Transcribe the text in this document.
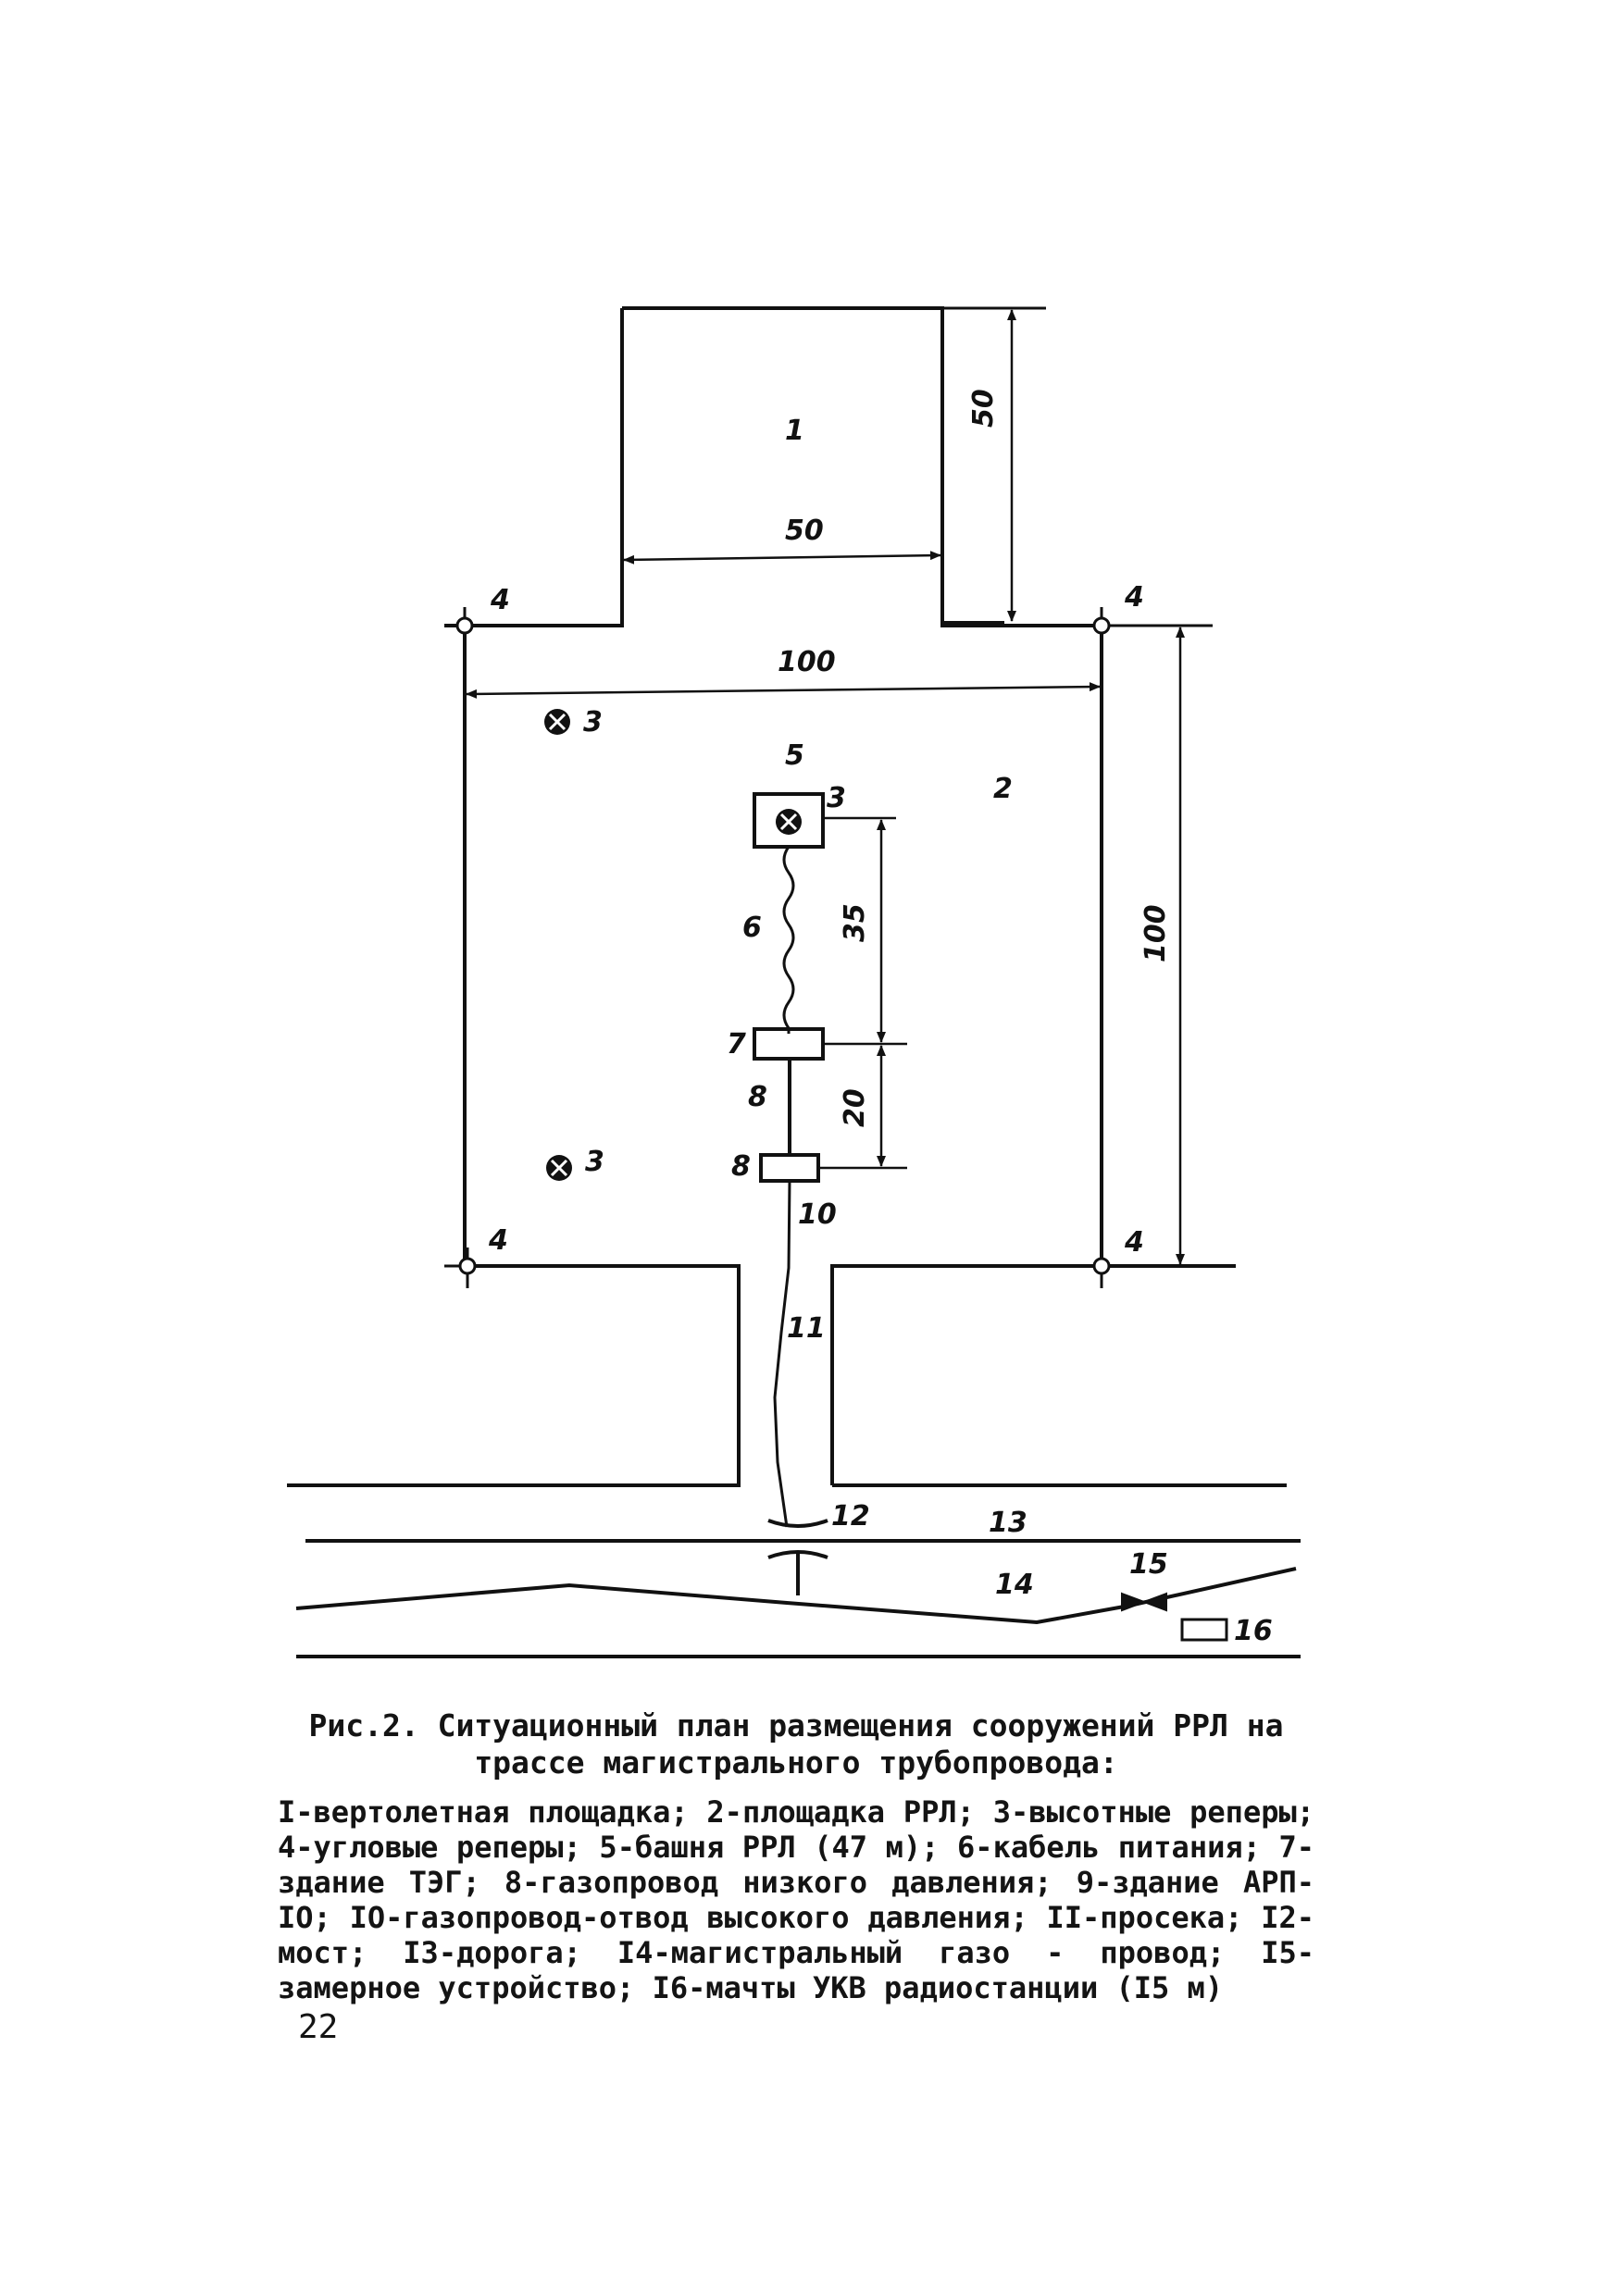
1
2
5
3
3
3
4	4
4	4
6
7
8
8
10
11
12	13
14
15
16
50
50
100
100
35
20
Рис.2. Ситуационный план размещения сооружений РРЛ на трассе магистрального трубопровода:
I-вертолетная площадка; 2-площадка РРЛ; 3-высотные реперы; 4-угловые реперы; 5-башня РРЛ (47 м); 6-кабель питания; 7-здание ТЭГ; 8-газопровод низкого давления; 9-здание АРП-IO; IO-газопровод-отвод высокого давления; II-просека; I2-мост; I3-дорога; I4-магистральный газо - провод; I5-замерное устройство; I6-мачты УКВ радиостанции (I5 м)
22
